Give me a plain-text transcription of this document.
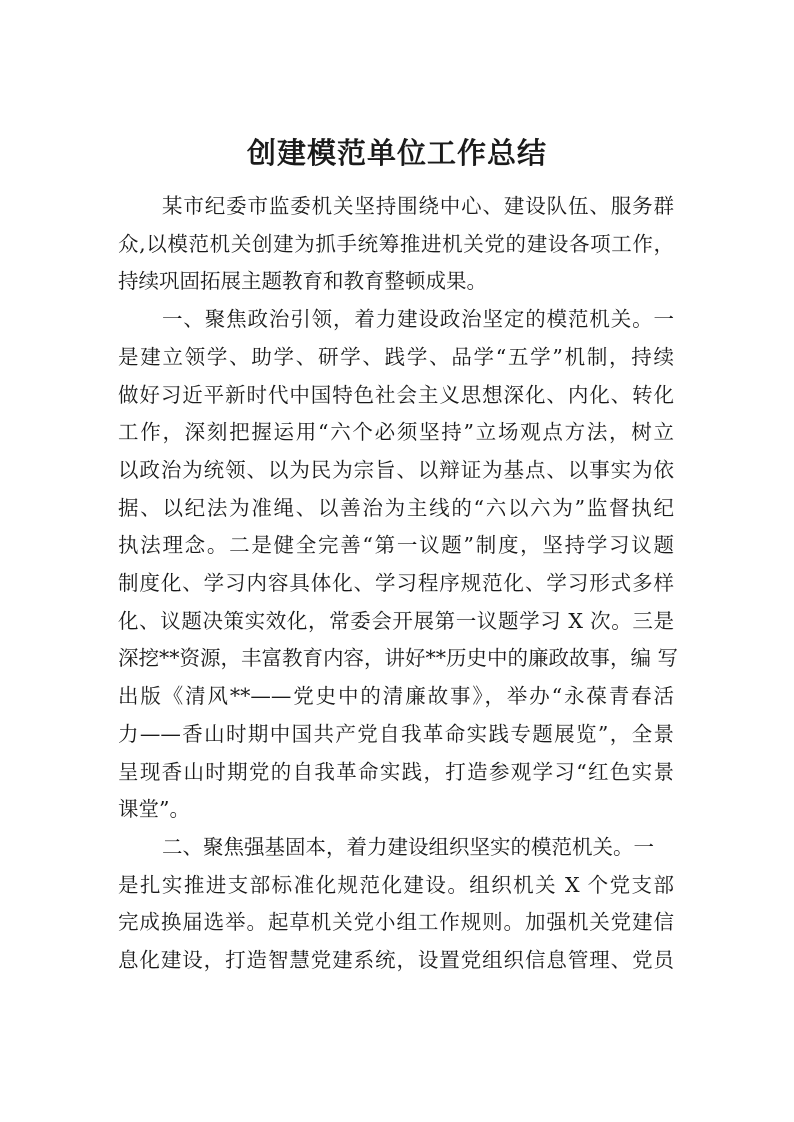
创建模范单位工作总结

某市纪委市监委机关坚持围绕中心、建设队伍、服务群
众,以模范机关创建为抓手统筹推进机关党的建设各项工作，
持续巩固拓展主题教育和教育整顿成果。

一、聚焦政治引领，着力建设政治坚定的模范机关。一
是建立领学、助学、研学、践学、品学“五学”机制，持续
做好习近平新时代中国特色社会主义思想深化、内化、转化
工作，深刻把握运用“六个必须坚持”立场观点方法，树立
以政治为统领、以为民为宗旨、以辩证为基点、以事实为依
据、以纪法为准绳、以善治为主线的“六以六为”监督执纪
执法理念。二是健全完善“第一议题”制度，坚持学习议题
制度化、学习内容具体化、学习程序规范化、学习形式多样
化、议题决策实效化，常委会开展第一议题学习 X 次。三是
深挖**资源，丰富教育内容，讲好**历史中的廉政故事，编 写
出版《清风**——党史中的清廉故事》，举办“永葆青春活
力——香山时期中国共产党自我革命实践专题展览”，全景
呈现香山时期党的自我革命实践，打造参观学习“红色实景
课堂”。

二、聚焦强基固本，着力建设组织坚实的模范机关。一
是扎实推进支部标准化规范化建设。组织机关 X 个党支部
完成换届选举。起草机关党小组工作规则。加强机关党建信
息化建设，打造智慧党建系统，设置党组织信息管理、党员
